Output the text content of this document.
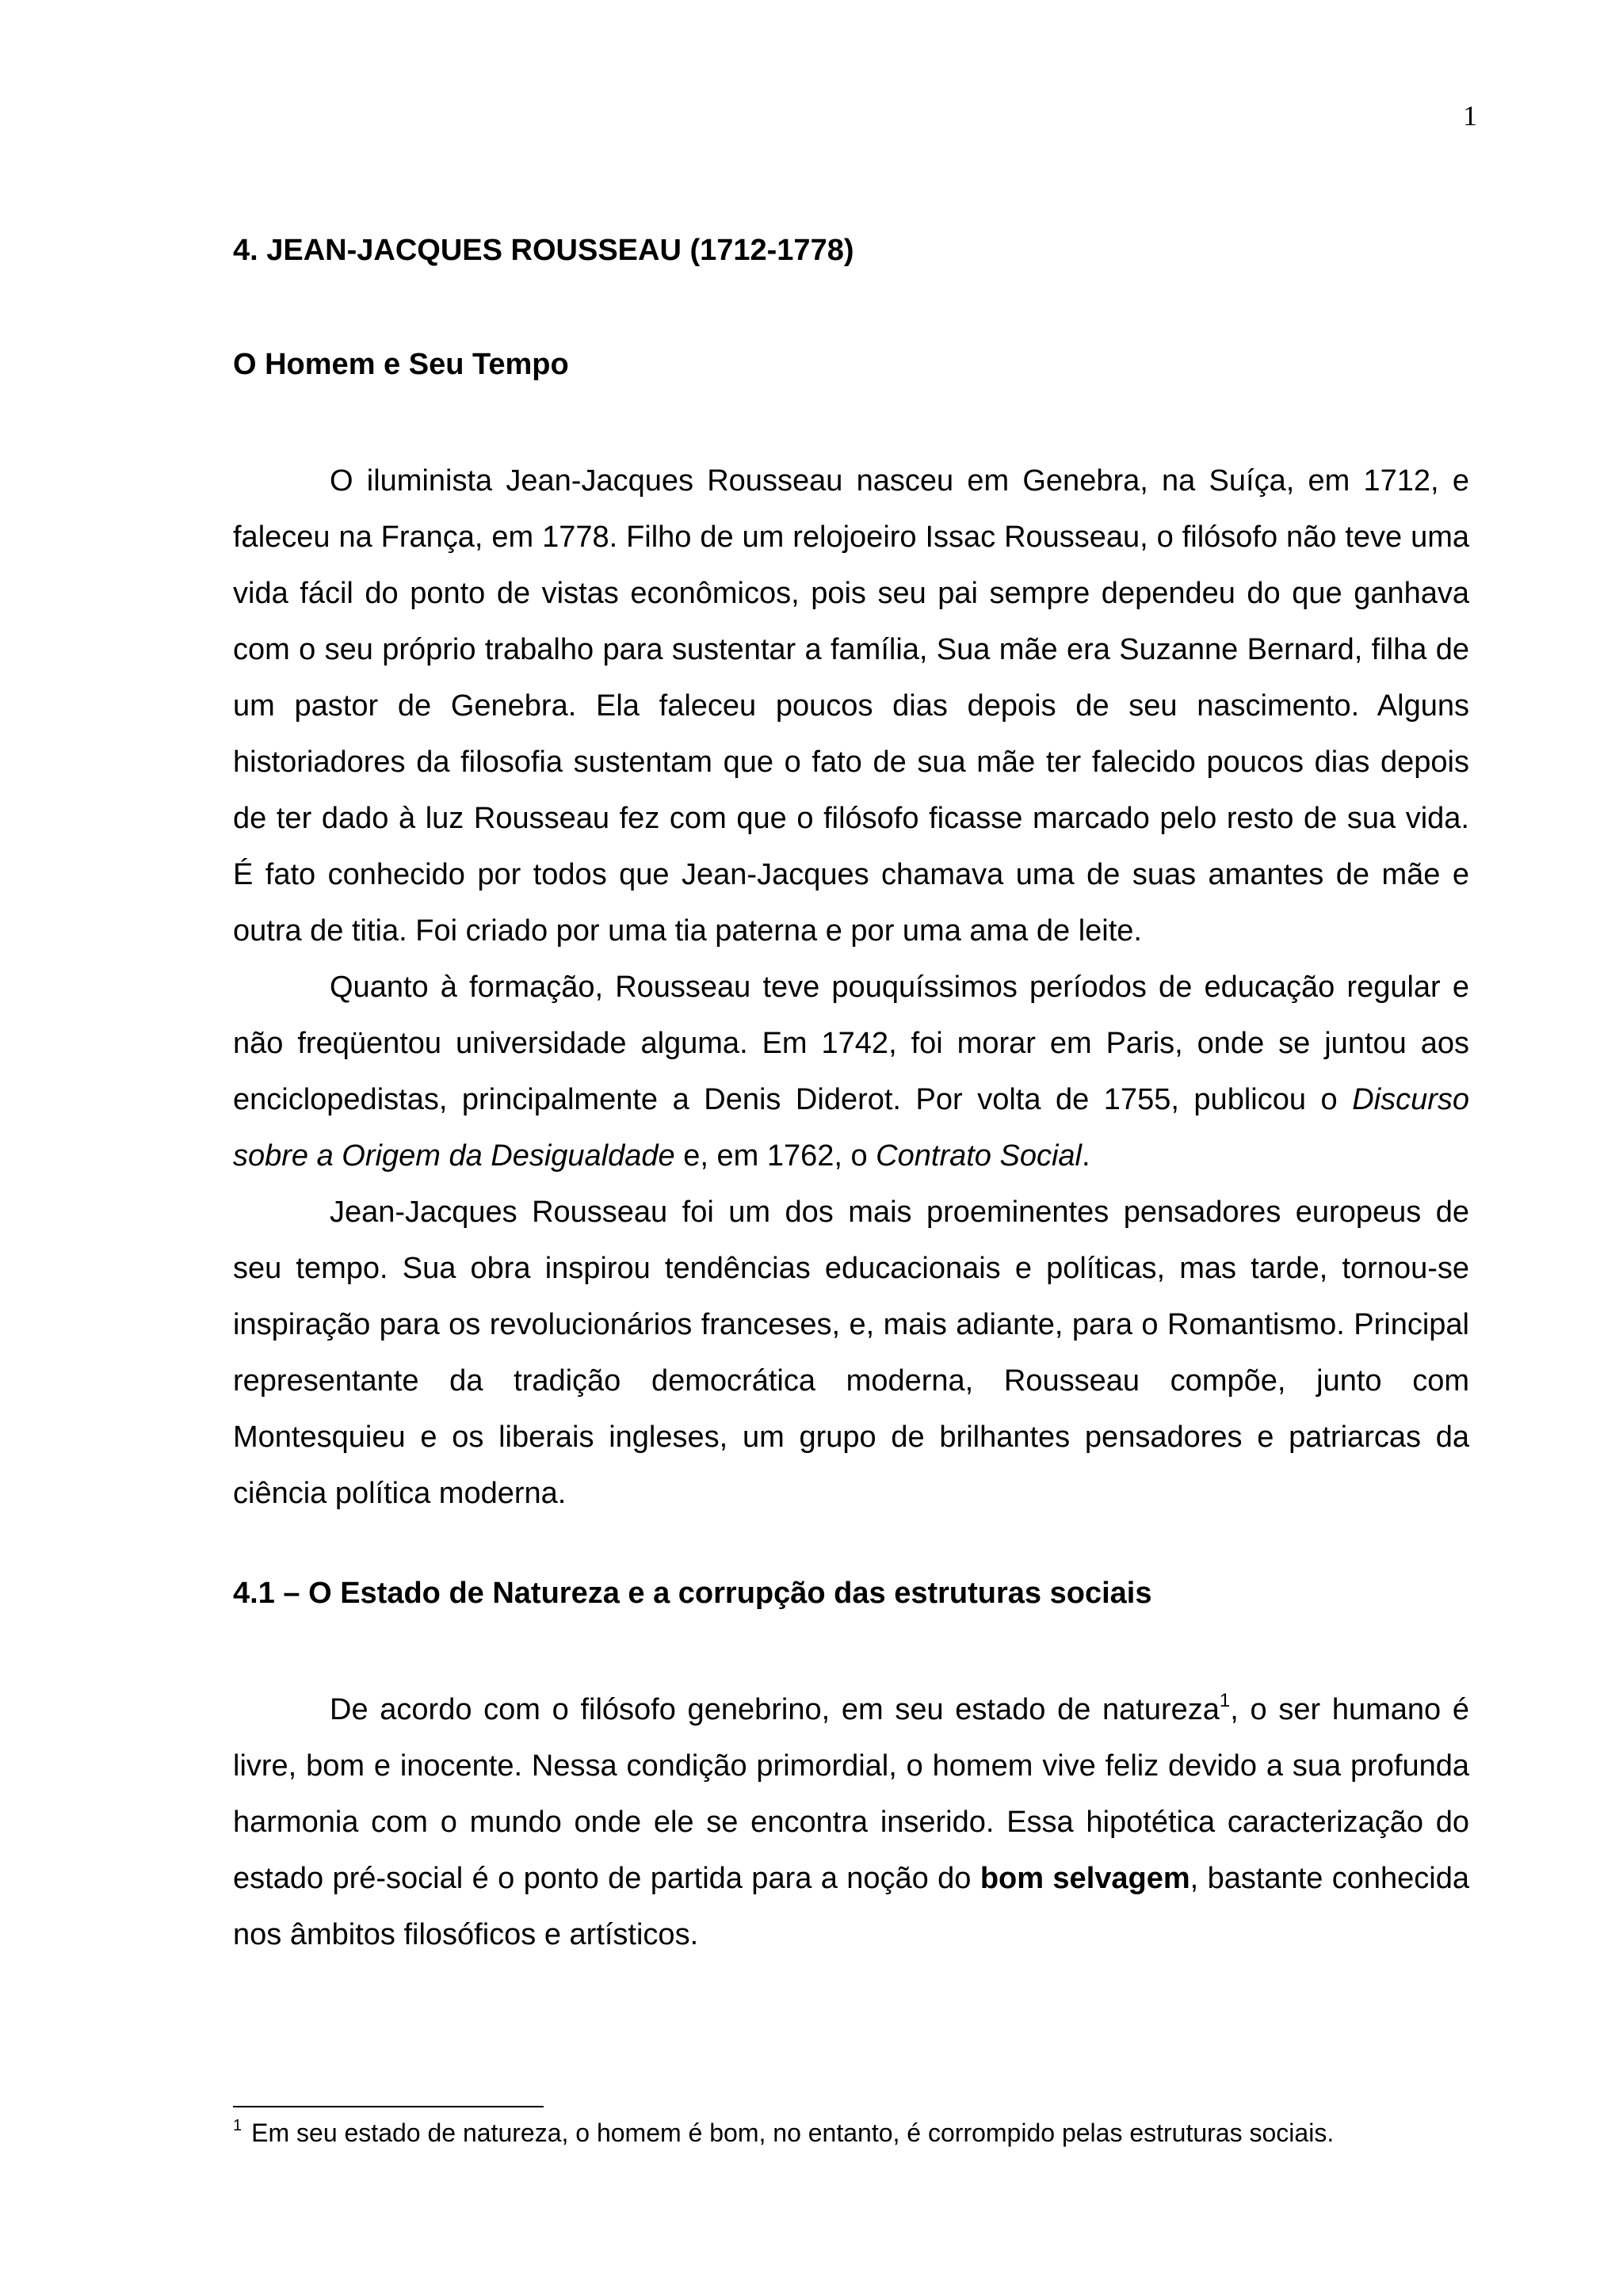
1
4. JEAN-JACQUES ROUSSEAU (1712-1778)
O Homem e Seu Tempo

O iluminista Jean-Jacques Rousseau nasceu em Genebra, na Suíça, em 1712, e faleceu na França, em 1778. Filho de um relojoeiro Issac Rousseau, o filósofo não teve uma vida fácil do ponto de vistas econômicos, pois seu pai sempre dependeu do que ganhava com o seu próprio trabalho para sustentar a família, Sua mãe era Suzanne Bernard, filha de um pastor de Genebra. Ela faleceu poucos dias depois de seu nascimento. Alguns historiadores da filosofia sustentam que o fato de sua mãe ter falecido poucos dias depois de ter dado à luz Rousseau fez com que o filósofo ficasse marcado pelo resto de sua vida. É fato conhecido por todos que Jean-Jacques chamava uma de suas amantes de mãe e outra de titia. Foi criado por uma tia paterna e por uma ama de leite.

Quanto à formação, Rousseau teve pouquíssimos períodos de educação regular e não freqüentou universidade alguma. Em 1742, foi morar em Paris, onde se juntou aos enciclopedistas, principalmente a Denis Diderot. Por volta de 1755, publicou o Discurso sobre a Origem da Desigualdade e, em 1762, o Contrato Social.

Jean-Jacques Rousseau foi um dos mais proeminentes pensadores europeus de seu tempo. Sua obra inspirou tendências educacionais e políticas, mas tarde, tornou-se inspiração para os revolucionários franceses, e, mais adiante, para o Romantismo. Principal representante da tradição democrática moderna, Rousseau compõe, junto com Montesquieu e os liberais ingleses, um grupo de brilhantes pensadores e patriarcas da ciência política moderna.

4.1 – O Estado de Natureza e a corrupção das estruturas sociais

De acordo com o filósofo genebrino, em seu estado de natureza$^1$, o ser humano é livre, bom e inocente. Nessa condição primordial, o homem vive feliz devido a sua profunda harmonia com o mundo onde ele se encontra inserido. Essa hipotética caracterização do estado pré-social é o ponto de partida para a noção do bom selvagem, bastante conhecida nos âmbitos filosóficos e artísticos.

$^1$ Em seu estado de natureza, o homem é bom, no entanto, é corrompido pelas estruturas sociais.
